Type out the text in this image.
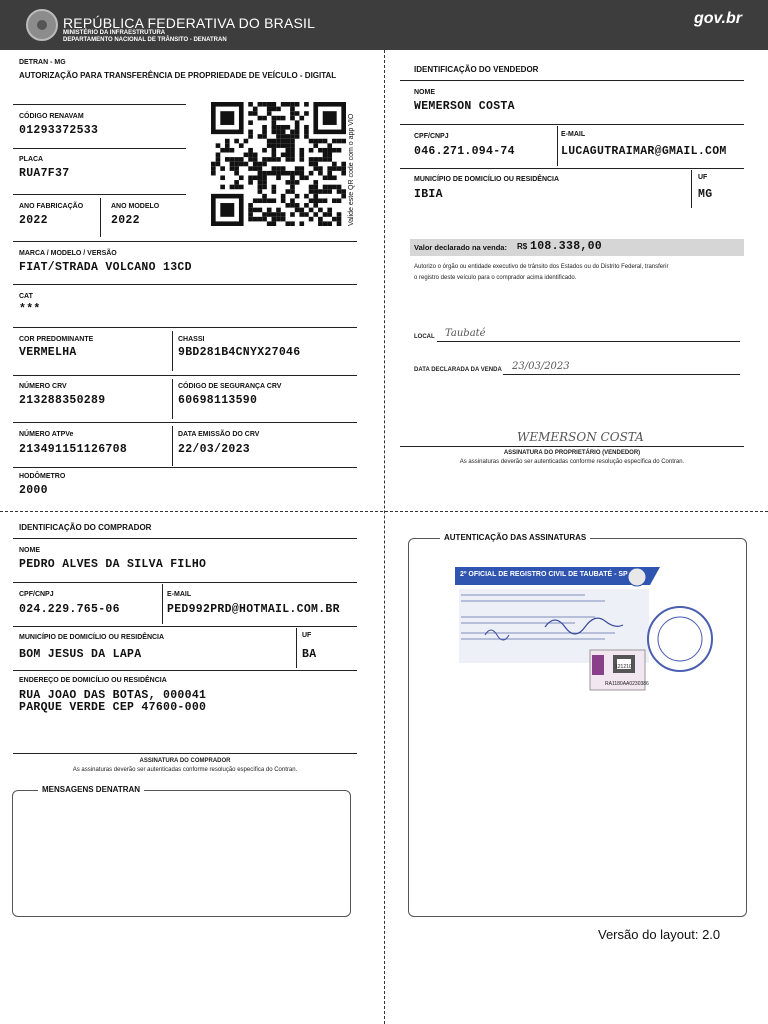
REPÚBLICA FEDERATIVA DO BRASIL
MINISTÉRIO DA INFRAESTRUTURA
DEPARTAMENTO NACIONAL DE TRÂNSITO - DENATRAN
gov.br
DETRAN - MG
AUTORIZAÇÃO PARA TRANSFERÊNCIA DE PROPRIEDADE DE VEÍCULO - DIGITAL
CÓDIGO RENAVAM
01293372533
PLACA
RUA7F37
ANO FABRICAÇÃO
2022
ANO MODELO
2022	Valide este QR code com o app VIO
MARCA / MODELO / VERSÃO
FIAT/STRADA VOLCANO 13CD
CAT
***
COR PREDOMINANTE
VERMELHA
CHASSI
9BD281B4CNYX27046
NÚMERO CRV
213288350289
CÓDIGO DE SEGURANÇA CRV
60698113590
NÚMERO ATPVe
213491151126708
DATA EMISSÃO DO CRV
22/03/2023
HODÔMETRO
2000
IDENTIFICAÇÃO DO VENDEDOR
NOME
WEMERSON COSTA
CPF/CNPJ
046.271.094-74
E-MAIL
LUCAGUTRAIMAR@GMAIL.COM
MUNICÍPIO DE DOMICÍLIO OU RESIDÊNCIA
IBIA
UF
MG
Valor declarado na venda: R$ 108.338,00
Autorizo o órgão ou entidade executivo de trânsito dos Estados ou do Distrito Federal, transferir
o registro deste veículo para o comprador acima identificado.
LOCAL Taubaté
DATA DECLARADA DA VENDA 23/03/2023
WEMERSON COSTA
ASSINATURA DO PROPRIETÁRIO (VENDEDOR)
As assinaturas deverão ser autenticadas conforme resolução específica do Contran.
IDENTIFICAÇÃO DO COMPRADOR
NOME
PEDRO ALVES DA SILVA FILHO
CPF/CNPJ
024.229.765-06
E-MAIL
PED992PRD@HOTMAIL.COM.BR
MUNICÍPIO DE DOMICÍLIO OU RESIDÊNCIA
BOM JESUS DA LAPA
UF
BA
ENDEREÇO DE DOMICÍLIO OU RESIDÊNCIA
RUA JOAO DAS BOTAS, 000041
PARQUE VERDE CEP 47600-000
ASSINATURA DO COMPRADOR
As assinaturas deverão ser autenticadas conforme resolução específica do Contran.
MENSAGENS DENATRAN
AUTENTICAÇÃO DAS ASSINATURAS
2º OFICIAL DE REGISTRO CIVIL DE TAUBATÉ - SP
121210
RA1180AA0230386
Versão do layout: 2.0
